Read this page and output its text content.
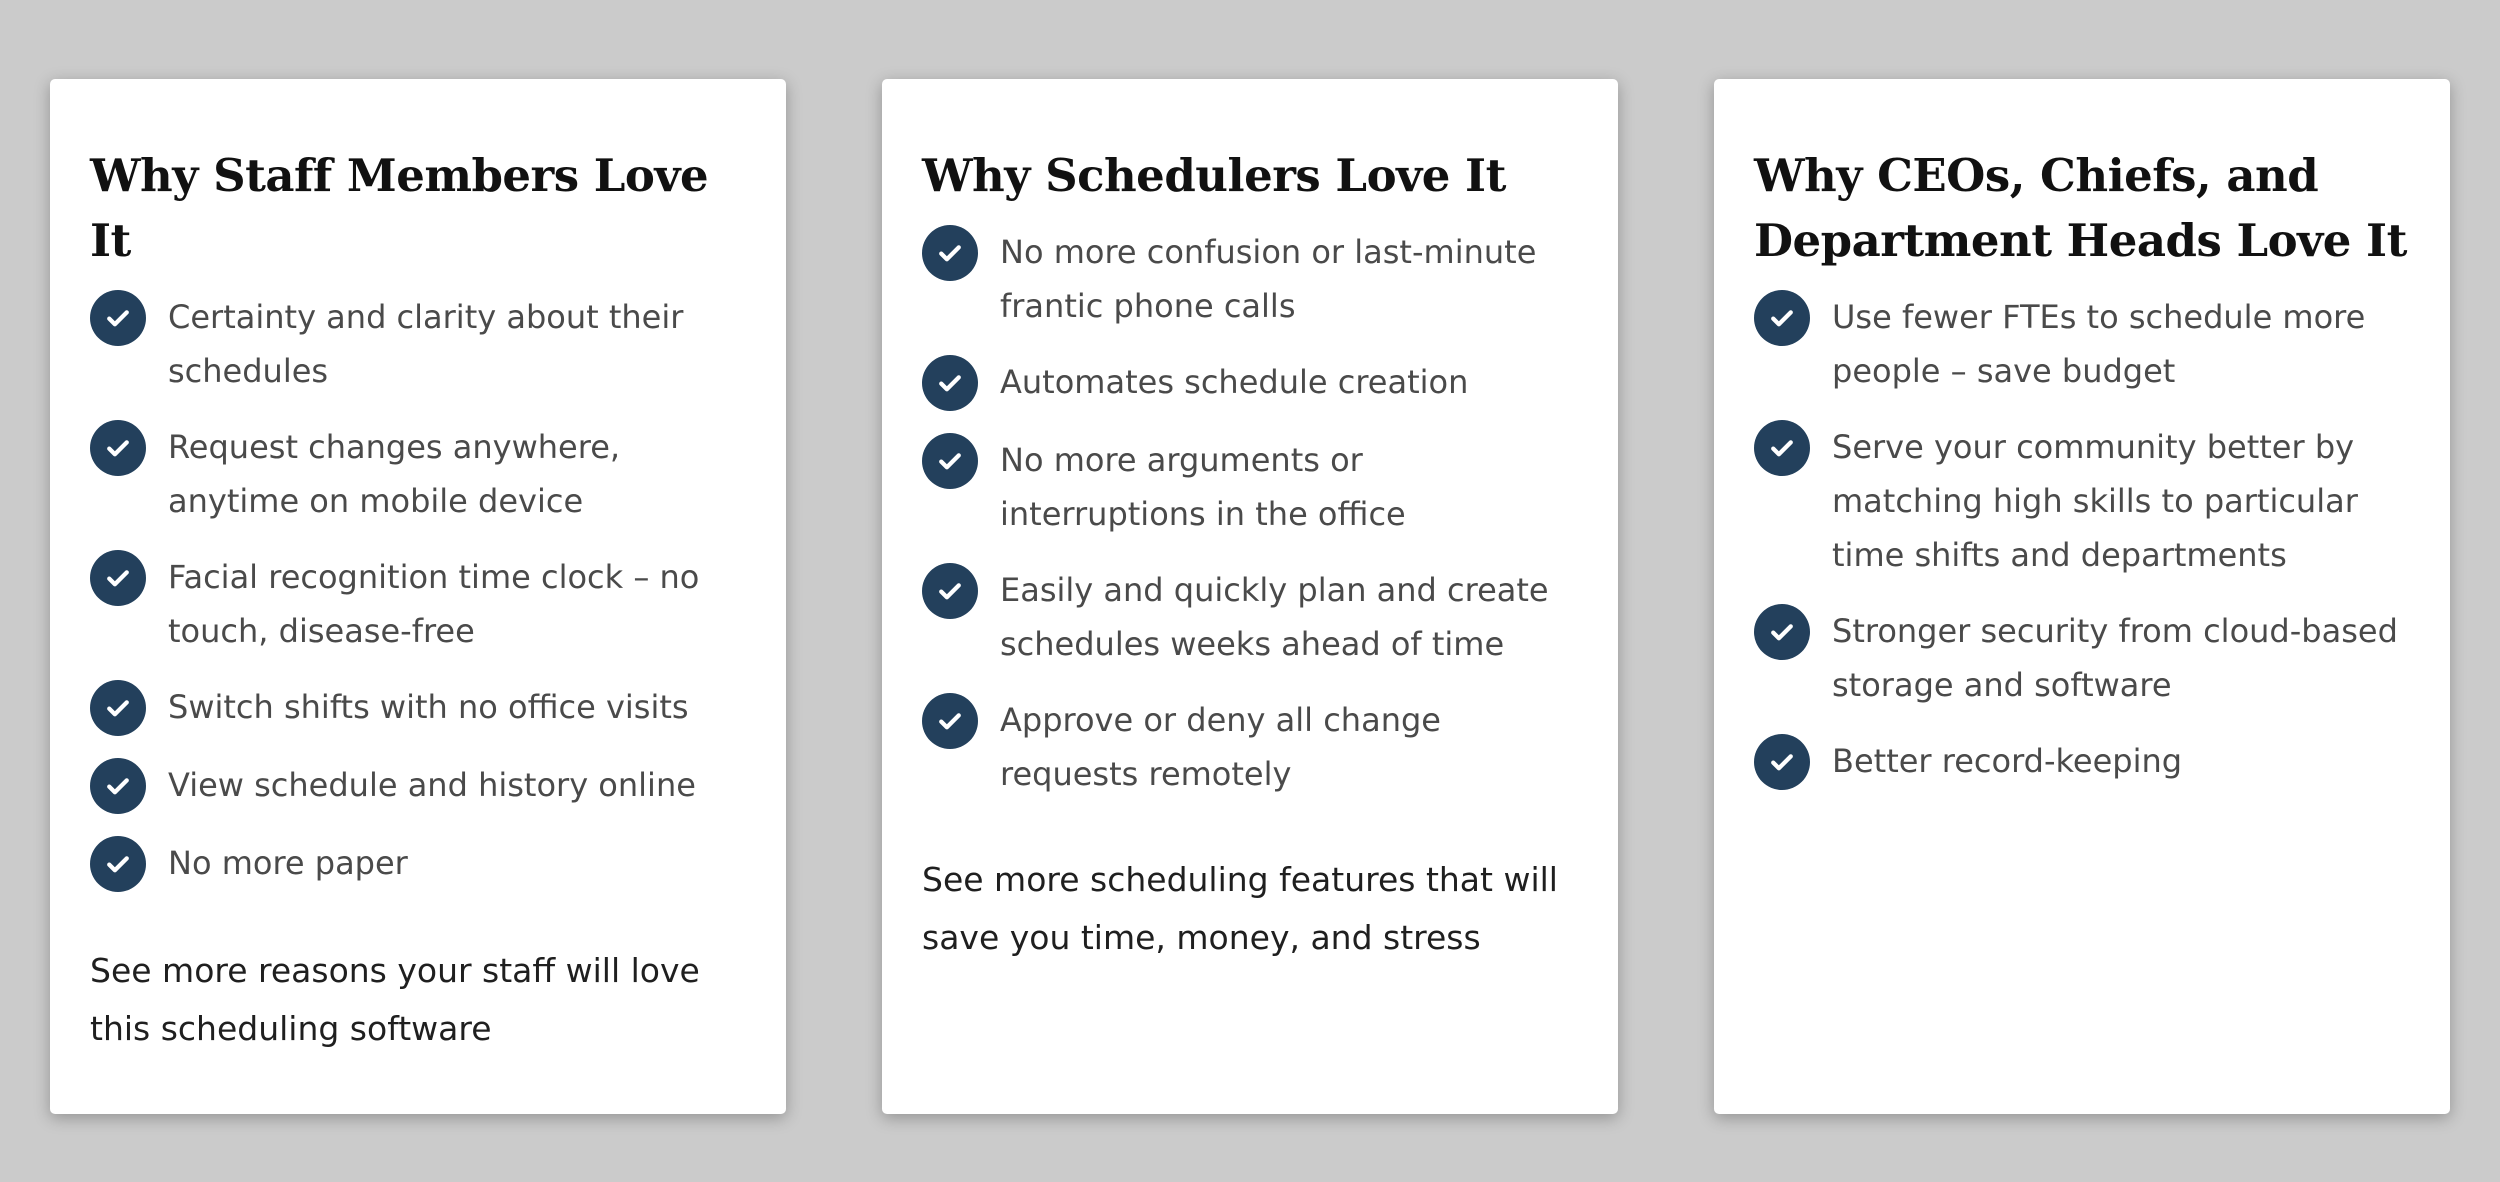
Why Staff Members Love It
Certainty and clarity about their schedules
Request changes anywhere, anytime on mobile device
Facial recognition time clock – no touch, disease-free
Switch shifts with no office visits
View schedule and history online
No more paper
See more reasons your staff will love this scheduling software
Why Schedulers Love It
No more confusion or last-minute frantic phone calls
Automates schedule creation
No more arguments or interruptions in the office
Easily and quickly plan and create schedules weeks ahead of time
Approve or deny all change requests remotely
See more scheduling features that will save you time, money, and stress
Why CEOs, Chiefs, and Department Heads Love It
Use fewer FTEs to schedule more people – save budget
Serve your community better by matching high skills to particular time shifts and departments
Stronger security from cloud-based storage and software
Better record-keeping
